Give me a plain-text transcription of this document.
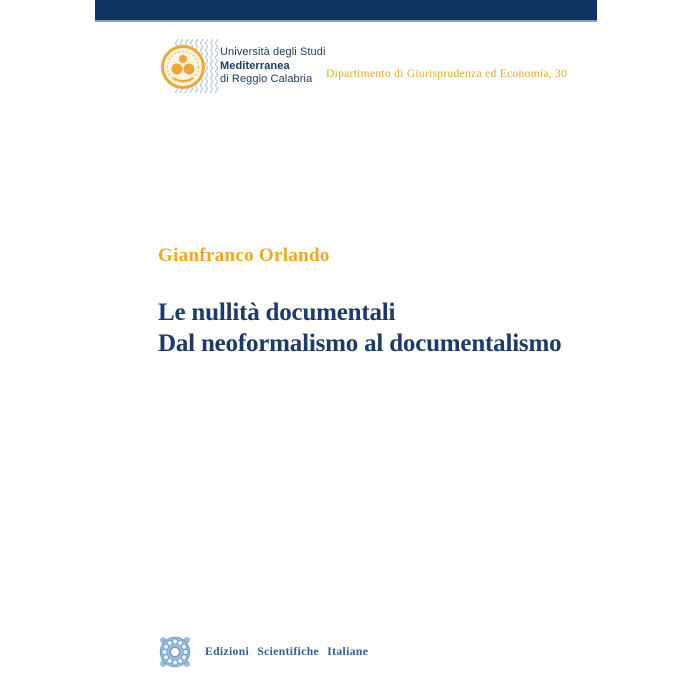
Università degli Studi
Mediterranea
di Reggio Calabria	Dipartimento di Giurisprudenza ed Economia, 30
Gianfranco Orlando
Le nullità documentali
Dal neoformalismo al documentalismo
Edizioni Scientifiche Italiane
